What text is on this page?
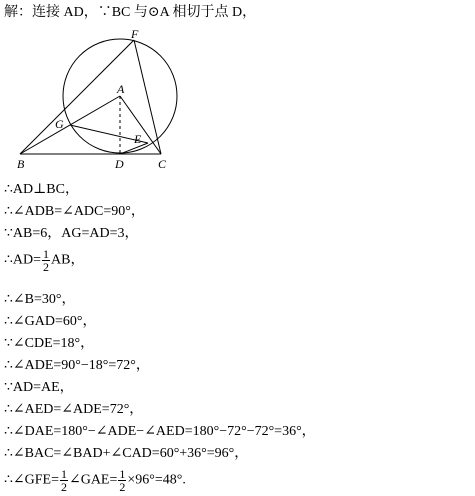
解：连接 AD，∵BC 与⊙A 相切于点 D，
F
A
G
E
B	D	C
∴AD⊥BC，
∴∠ADB=∠ADC=90°，
∵AB=6，AG=AD=3，
∴AD= $\frac{1}{2}$ AB，
∴∠B=30°，
∴∠GAD=60°，
∵∠CDE=18°，
∴∠ADE=90°−18°=72°，
∵AD=AE，
∴∠AED=∠ADE=72°，
∴∠DAE=180°−∠ADE−∠AED=180°−72°−72°=36°，
∴∠BAC=∠BAD+∠CAD=60°+36°=96°，
∴∠GFE= $\frac{1}{2}$ ∠GAE= $\frac{1}{2} \times 96^\circ=48^\circ$.
